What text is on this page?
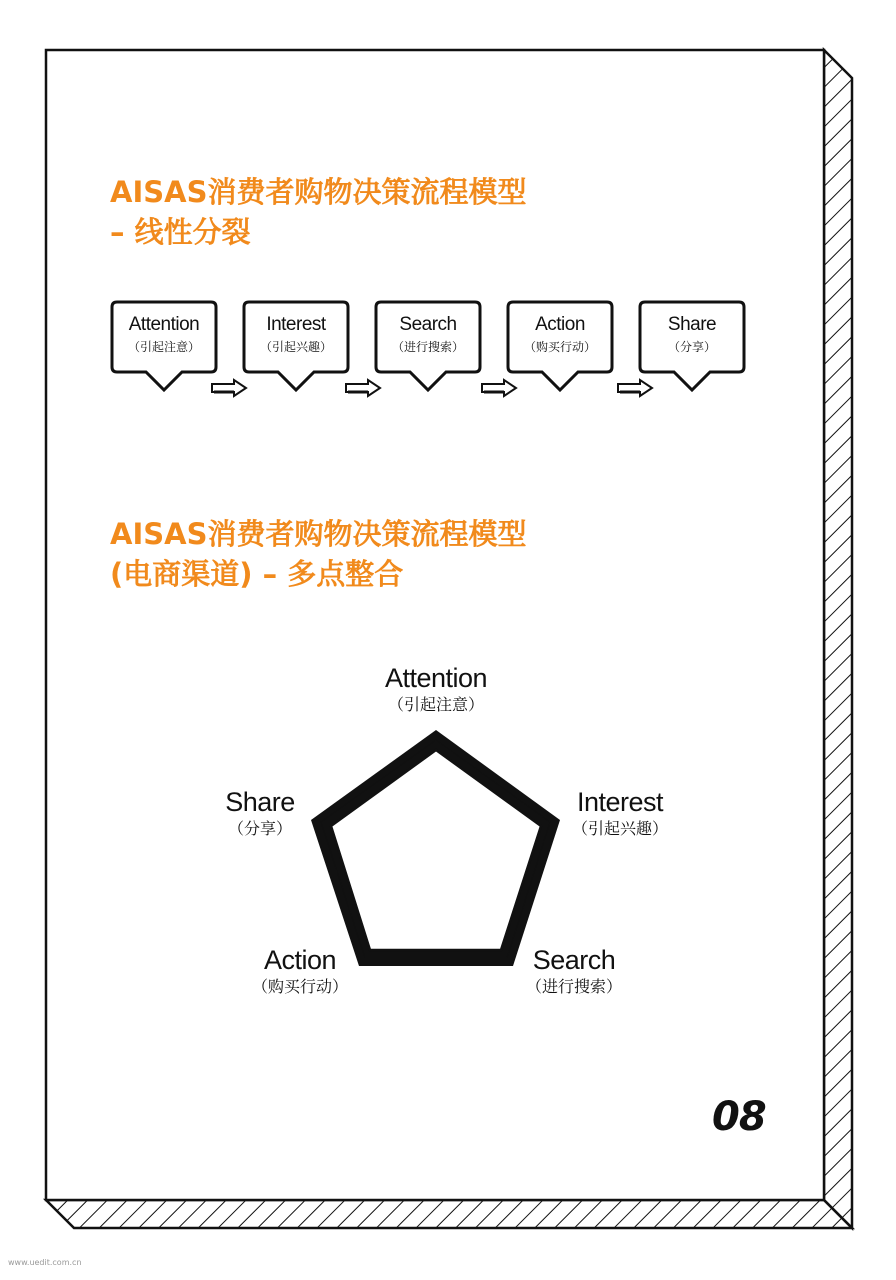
AISAS消费者购物决策流程模型
– 线性分裂
Attention
（引起注意）
Interest
（引起兴趣）
Search
（进行搜索）
Action
（购买行动）
Share
（分享）
AISAS消费者购物决策流程模型
(电商渠道) – 多点整合
Attention
（引起注意）
Interest
（引起兴趣）
Search
（进行搜索）
Action
（购买行动）
Share
（分享）
08
www.uedit.com.cn
